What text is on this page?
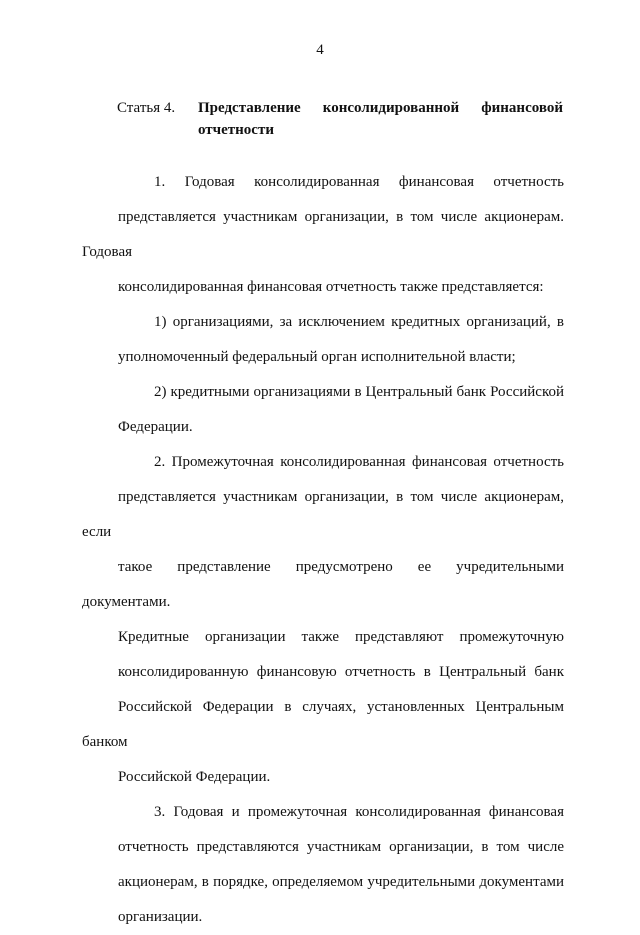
4
Статья 4. Представление консолидированной финансовой
отчетности
1. Годовая консолидированная финансовая отчетность
представляется участникам организации, в том числе акционерам. Годовая
консолидированная финансовая отчетность также представляется:
1) организациями, за исключением кредитных организаций, в
уполномоченный федеральный орган исполнительной власти;
2) кредитными организациями в Центральный банк Российской
Федерации.
2. Промежуточная консолидированная финансовая отчетность
представляется участникам организации, в том числе акционерам, если
такое представление предусмотрено ее учредительными документами.
Кредитные организации также представляют промежуточную
консолидированную финансовую отчетность в Центральный банк
Российской Федерации в случаях, установленных Центральным банком
Российской Федерации.
3. Годовая и промежуточная консолидированная финансовая
отчетность представляются участникам организации, в том числе
акционерам, в порядке, определяемом учредительными документами
организации.
